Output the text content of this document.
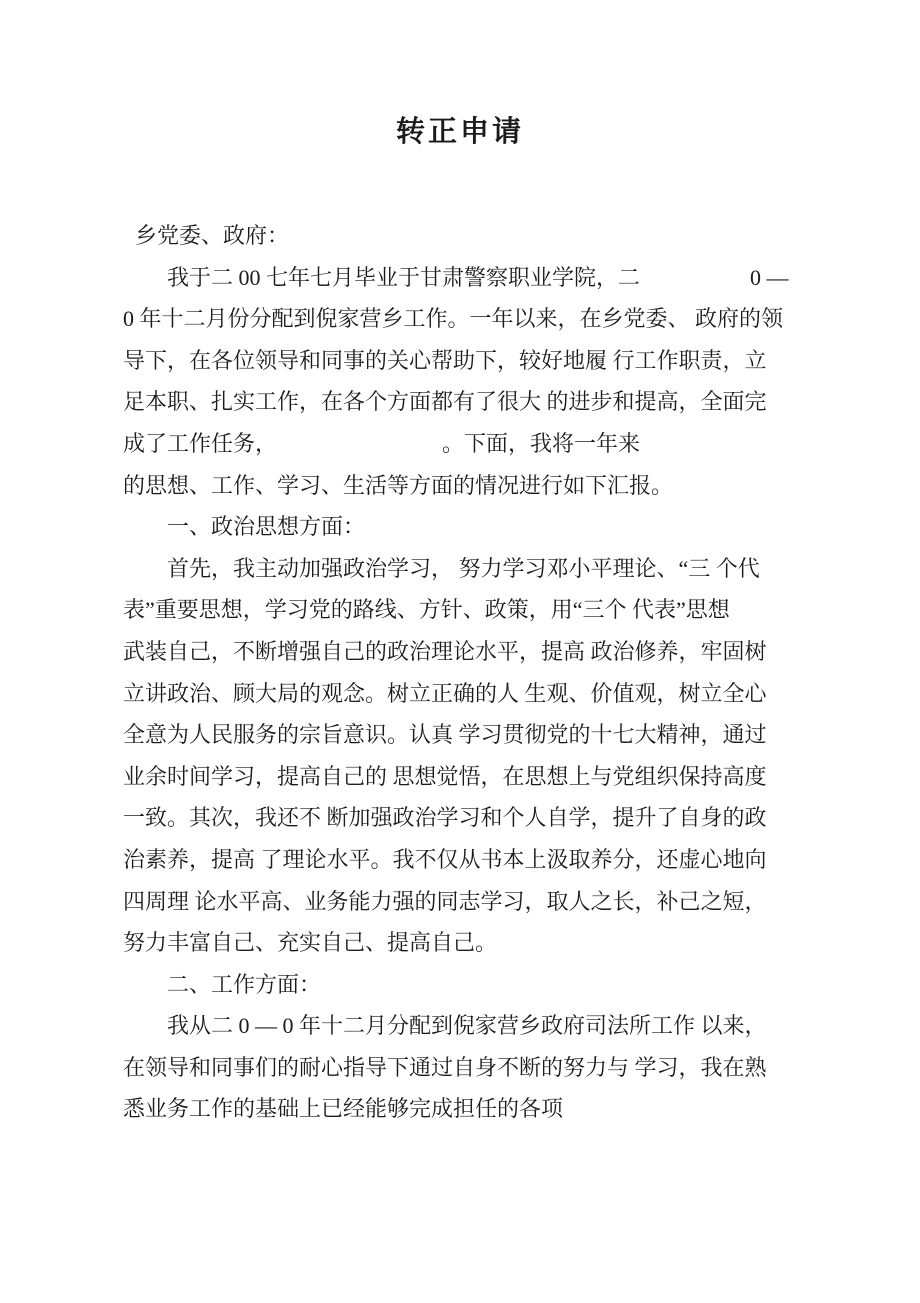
转正申请
乡党委、政府：
我于二 00 七年七月毕业于甘肃警察职业学院，二　　　　　0 —
0 年十二月份分配到倪家营乡工作。一年以来，在乡党委、 政府的领
导下，在各位领导和同事的关心帮助下，较好地履 行工作职责，立
足本职、扎实工作，在各个方面都有了很大 的进步和提高，全面完
成了工作任务，　　　　　　　　。下面，我将一年来
的思想、工作、学习、生活等方面的情况进行如下汇报。
一、政治思想方面：
首先，我主动加强政治学习， 努力学习邓小平理论、“三 个代
表”重要思想，学习党的路线、方针、政策，用“三个 代表”思想
武装自己，不断增强自己的政治理论水平，提高 政治修养，牢固树
立讲政治、顾大局的观念。树立正确的人 生观、价值观，树立全心
全意为人民服务的宗旨意识。认真 学习贯彻党的十七大精神，通过
业余时间学习，提高自己的 思想觉悟，在思想上与党组织保持高度
一致。其次，我还不 断加强政治学习和个人自学，提升了自身的政
治素养，提高 了理论水平。我不仅从书本上汲取养分，还虚心地向
四周理 论水平高、业务能力强的同志学习，取人之长，补己之短，
努力丰富自己、充实自己、提高自己。
二、工作方面：
我从二 0 — 0 年十二月分配到倪家营乡政府司法所工作 以来，
在领导和同事们的耐心指导下通过自身不断的努力与 学习，我在熟
悉业务工作的基础上已经能够完成担任的各项
